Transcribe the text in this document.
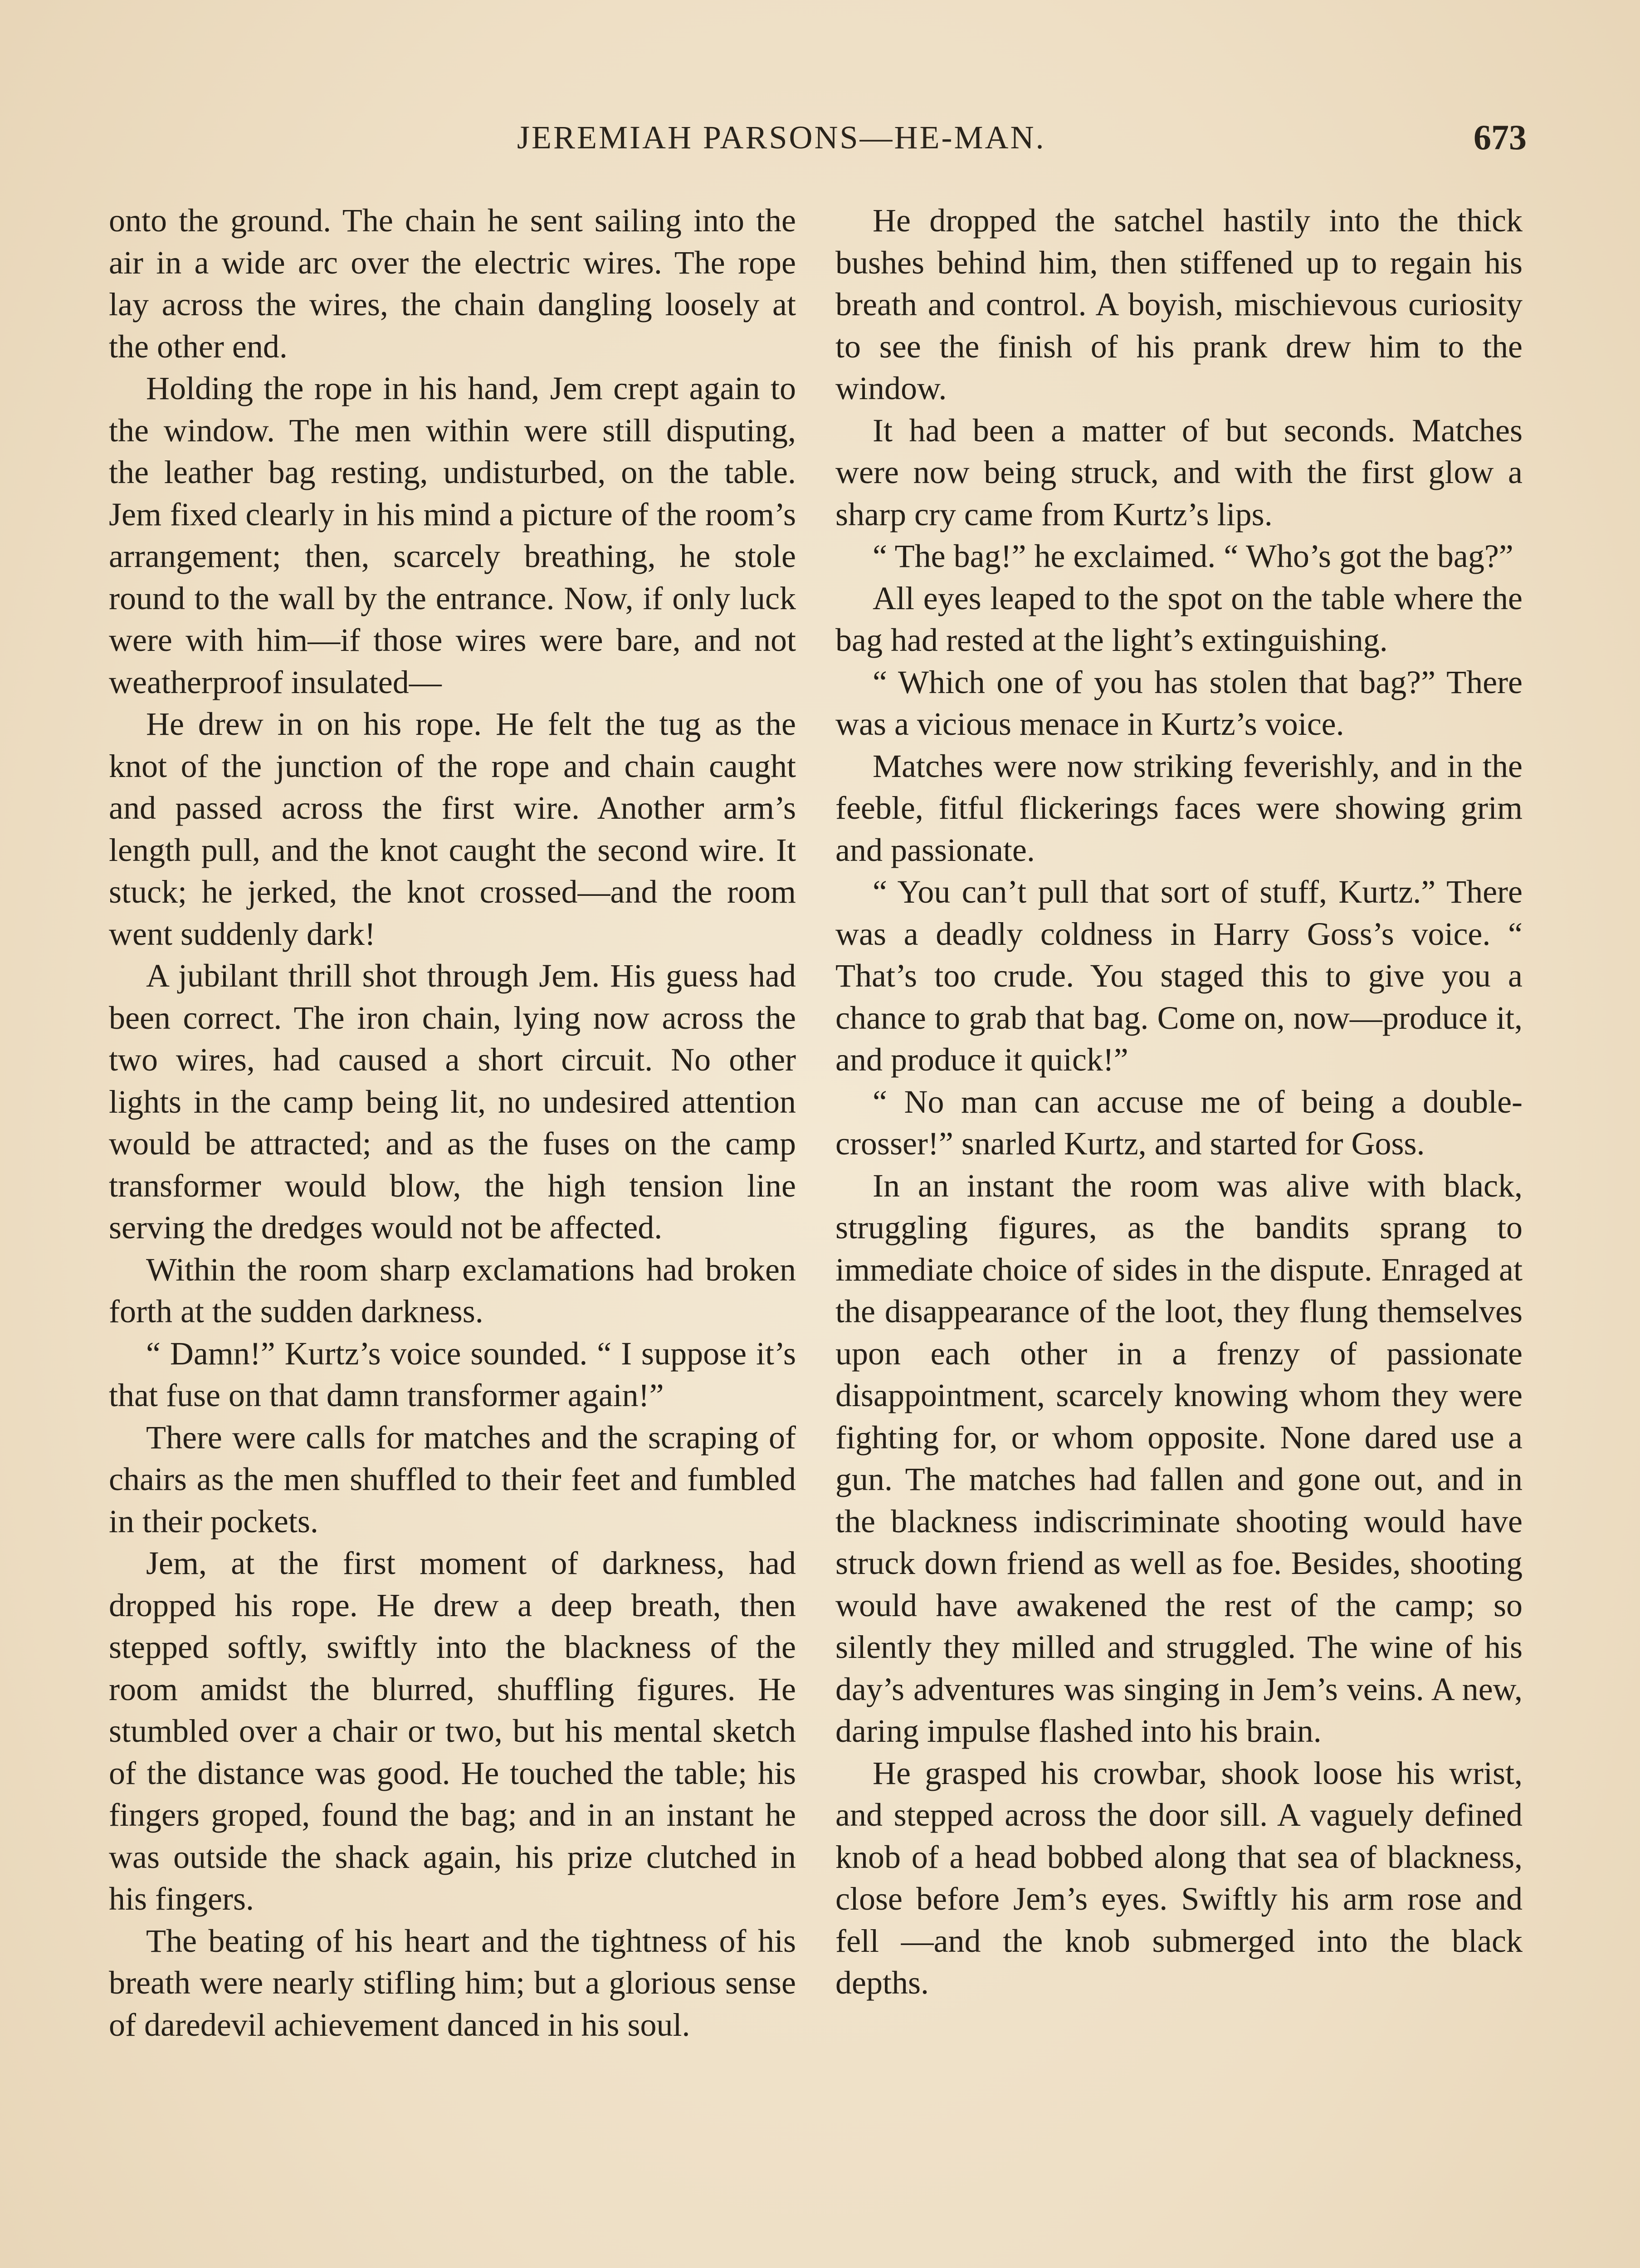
JEREMIAH PARSONS—HE-MAN.	673

onto the ground. The chain he sent sailing into the air in a wide arc over the electric wires. The rope lay across the wires, the chain dangling loosely at the other end.

Holding the rope in his hand, Jem crept again to the window. The men within were still disputing, the leather bag resting, undisturbed, on the table. Jem fixed clearly in his mind a picture of the room’s arrangement; then, scarcely breathing, he stole round to the wall by the entrance. Now, if only luck were with him—if those wires were bare, and not weatherproof insulated—

He drew in on his rope. He felt the tug as the knot of the junction of the rope and chain caught and passed across the first wire. Another arm’s length pull, and the knot caught the second wire. It stuck; he jerked, the knot crossed—and the room went suddenly dark!

A jubilant thrill shot through Jem. His guess had been correct. The iron chain, lying now across the two wires, had caused a short circuit. No other lights in the camp being lit, no undesired attention would be attracted; and as the fuses on the camp transformer would blow, the high tension line serving the dredges would not be affected.

Within the room sharp exclamations had broken forth at the sudden darkness.

“ Damn!” Kurtz’s voice sounded. “ I suppose it’s that fuse on that damn transformer again!”

There were calls for matches and the scraping of chairs as the men shuffled to their feet and fumbled in their pockets.

Jem, at the first moment of darkness, had dropped his rope. He drew a deep breath, then stepped softly, swiftly into the blackness of the room amidst the blurred, shuffling figures. He stumbled over a chair or two, but his mental sketch of the distance was good. He touched the table; his fingers groped, found the bag; and in an instant he was outside the shack again, his prize clutched in his fingers.

The beating of his heart and the tightness of his breath were nearly stifling him; but a glorious sense of daredevil achievement danced in his soul.

He dropped the satchel hastily into the thick bushes behind him, then stiffened up to regain his breath and control. A boyish, mischievous curiosity to see the finish of his prank drew him to the window.

It had been a matter of but seconds. Matches were now being struck, and with the first glow a sharp cry came from Kurtz’s lips.

“ The bag!” he exclaimed. “ Who’s got the bag?”

All eyes leaped to the spot on the table where the bag had rested at the light’s extinguishing.

“ Which one of you has stolen that bag?” There was a vicious menace in Kurtz’s voice.

Matches were now striking feverishly, and in the feeble, fitful flickerings faces were showing grim and passionate.

“ You can’t pull that sort of stuff, Kurtz.” There was a deadly coldness in Harry Goss’s voice. “ That’s too crude. You staged this to give you a chance to grab that bag. Come on, now—produce it, and produce it quick!”

“ No man can accuse me of being a double-crosser!” snarled Kurtz, and started for Goss.

In an instant the room was alive with black, struggling figures, as the bandits sprang to immediate choice of sides in the dispute. Enraged at the disappearance of the loot, they flung themselves upon each other in a frenzy of passionate disappointment, scarcely knowing whom they were fighting for, or whom opposite. None dared use a gun. The matches had fallen and gone out, and in the blackness indiscriminate shooting would have struck down friend as well as foe. Besides, shooting would have awakened the rest of the camp; so silently they milled and struggled. The wine of his day’s adventures was singing in Jem’s veins. A new, daring impulse flashed into his brain.

He grasped his crowbar, shook loose his wrist, and stepped across the door sill. A vaguely defined knob of a head bobbed along that sea of blackness, close before Jem’s eyes. Swiftly his arm rose and fell —and the knob submerged into the black depths.
